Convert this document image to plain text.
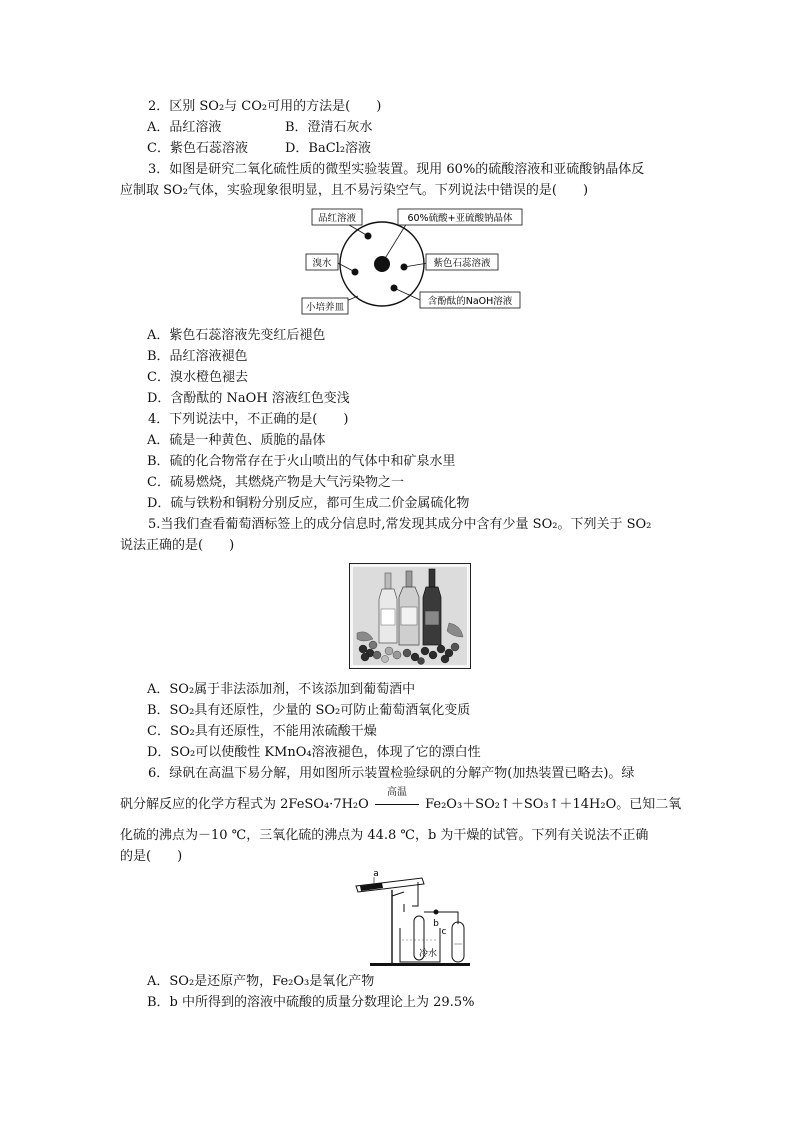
2．区别 SO₂与 CO₂可用的方法是(　　)
A．品红溶液	B．澄清石灰水
C．紫色石蕊溶液	D．BaCl₂溶液
3．如图是研究二氧化硫性质的微型实验装置。现用 60%的硫酸溶液和亚硫酸钠晶体反
应制取 SO₂气体，实验现象很明显，且不易污染空气。下列说法中错误的是(　　)
品红溶液	60%硫酸+亚硫酸钠晶体
溴水	紫色石蕊溶液
小培养皿
含酚酞的NaOH溶液
A．紫色石蕊溶液先变红后褪色
B．品红溶液褪色
C．溴水橙色褪去
D．含酚酞的 NaOH 溶液红色变浅
4．下列说法中，不正确的是(　　)
A．硫是一种黄色、质脆的晶体
B．硫的化合物常存在于火山喷出的气体中和矿泉水里
C．硫易燃烧，其燃烧产物是大气污染物之一
D．硫与铁粉和铜粉分别反应，都可生成二价金属硫化物
5.当我们查看葡萄酒标签上的成分信息时,常发现其成分中含有少量 SO₂。下列关于 SO₂
说法正确的是(　　)
A．SO₂属于非法添加剂，不该添加到葡萄酒中
B．SO₂具有还原性，少量的 SO₂可防止葡萄酒氧化变质
C．SO₂具有还原性，不能用浓硫酸干燥
D．SO₂可以使酸性 KMnO₄溶液褪色，体现了它的漂白性
6．绿矾在高温下易分解，用如图所示装置检验绿矾的分解产物(加热装置已略去)。绿
矾分解反应的化学方程式为 2FeSO₄·7H₂O
高温
Fe₂O₃＋SO₂↑＋SO₃↑＋14H₂O。已知二氧
化硫的沸点为－10 ℃，三氧化硫的沸点为 44.8 ℃，b 为干燥的试管。下列有关说法不正确
的是(　　)
a
b
c
冷水
A．SO₂是还原产物，Fe₂O₃是氧化产物
B．b 中所得到的溶液中硫酸的质量分数理论上为 29.5%
